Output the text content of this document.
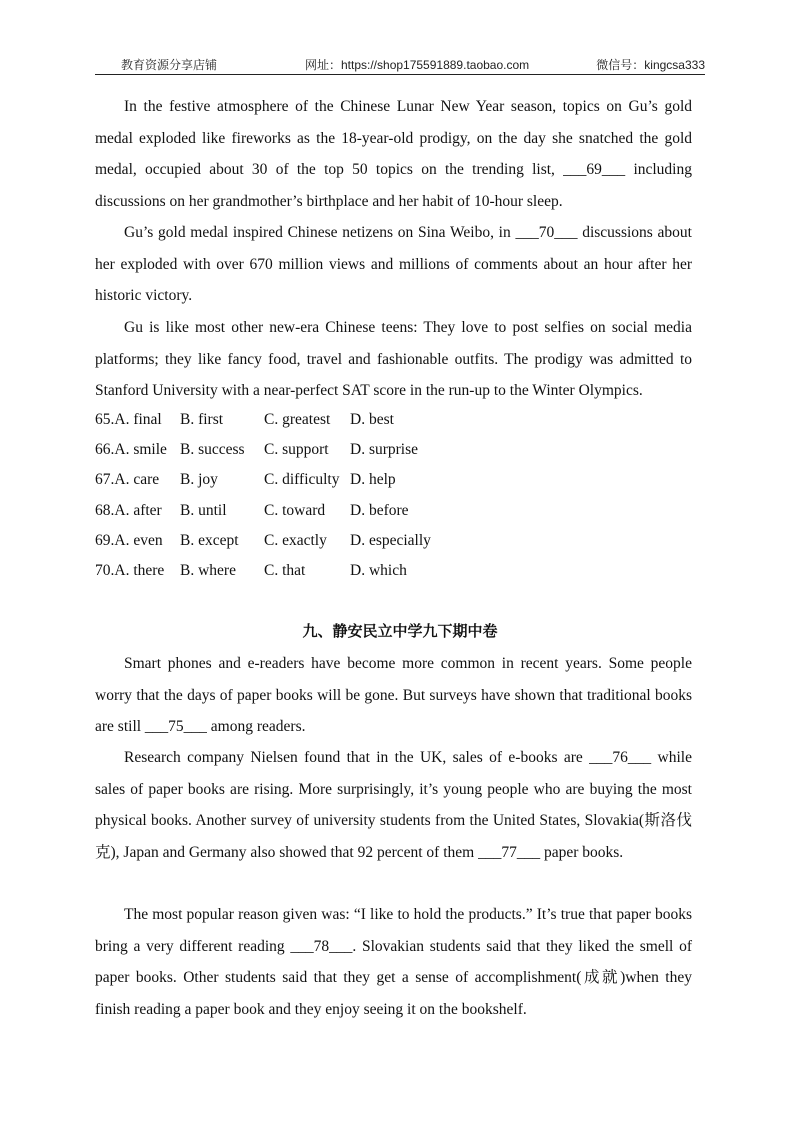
教育资源分享店铺	网址：https://shop175591889.taobao.com	微信号：kingcsa333

In the festive atmosphere of the Chinese Lunar New Year season, topics on Gu’s gold medal exploded like fireworks as the 18-year-old prodigy, on the day she snatched the gold medal, occupied about 30 of the top 50 topics on the trending list, ___69___ including discussions on her grandmother’s birthplace and her habit of 10-hour sleep.

Gu’s gold medal inspired Chinese netizens on Sina Weibo, in ___70___ discussions about her exploded with over 670 million views and millions of comments about an hour after her historic victory.

Gu is like most other new-era Chinese teens: They love to post selfies on social media platforms; they like fancy food, travel and fashionable outfits. The prodigy was admitted to Stanford University with a near-perfect SAT score in the run-up to the Winter Olympics.

65.A. final B. first	C. greatest D. best
66.A. smile B. success C. support D. surprise
67.A. care B. joy	C. difficulty D. help
68.A. after B. until C. toward D. before
69.A. even B. except C. exactly D. especially
70.A. there B. where C. that	D. which
九、静安民立中学九下期中卷

Smart phones and e-readers have become more common in recent years. Some people worry that the days of paper books will be gone. But surveys have shown that traditional books are still ___75___ among readers.

Research company Nielsen found that in the UK, sales of e-books are ___76___ while sales of paper books are rising. More surprisingly, it’s young people who are buying the most physical books. Another survey of university students from the United States, Slovakia(斯洛伐克), Japan and Germany also showed that 92 percent of them ___77___ paper books.

The most popular reason given was: “I like to hold the products.” It’s true that paper books bring a very different reading ___78___. Slovakian students said that they liked the smell of paper books. Other students said that they get a sense of accomplishment(成就)when they finish reading a paper book and they enjoy seeing it on the bookshelf.
